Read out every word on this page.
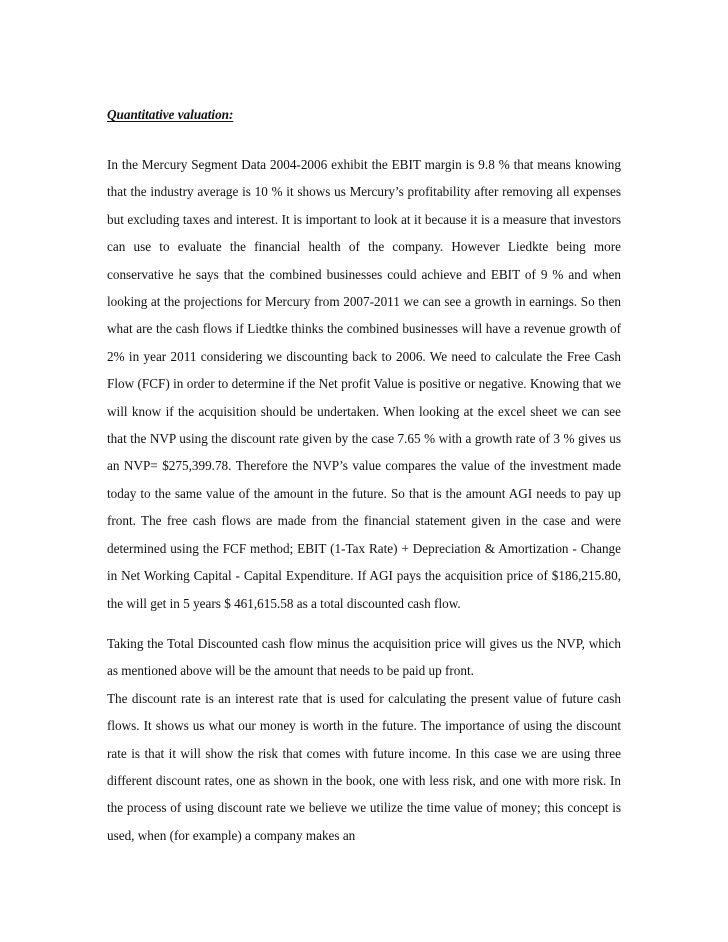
Quantitative valuation:

In the Mercury Segment Data 2004-2006 exhibit the EBIT margin is 9.8 % that means knowing that the industry average is 10 % it shows us Mercury’s profitability after removing all expenses but excluding taxes and interest. It is important to look at it because it is a measure that investors can use to evaluate the financial health of the company. However Liedkte being more conservative he says that the combined businesses could achieve and EBIT of 9 % and when looking at the projections for Mercury from 2007-2011 we can see a growth in earnings. So then what are the cash flows if Liedtke thinks the combined businesses will have a revenue growth of 2% in year 2011 considering we discounting back to 2006. We need to calculate the Free Cash Flow (FCF) in order to determine if the Net profit Value is positive or negative. Knowing that we will know if the acquisition should be undertaken. When looking at the excel sheet we can see that the NVP using the discount rate given by the case 7.65 % with a growth rate of 3 % gives us an NVP= $275,399.78. Therefore the NVP’s value compares the value of the investment made today to the same value of the amount in the future. So that is the amount AGI needs to pay up front. The free cash flows are made from the financial statement given in the case and were determined using the FCF method; EBIT (1-Tax Rate) + Depreciation & Amortization - Change in Net Working Capital - Capital Expenditure. If AGI pays the acquisition price of $186,215.80, the will get in 5 years $ 461,615.58 as a total discounted cash flow.

Taking the Total Discounted cash flow minus the acquisition price will gives us the NVP, which as mentioned above will be the amount that needs to be paid up front.

The discount rate is an interest rate that is used for calculating the present value of future cash flows. It shows us what our money is worth in the future. The importance of using the discount rate is that it will show the risk that comes with future income. In this case we are using three different discount rates, one as shown in the book, one with less risk, and one with more risk. In the process of using discount rate we believe we utilize the time value of money; this concept is used, when (for example) a company makes an
